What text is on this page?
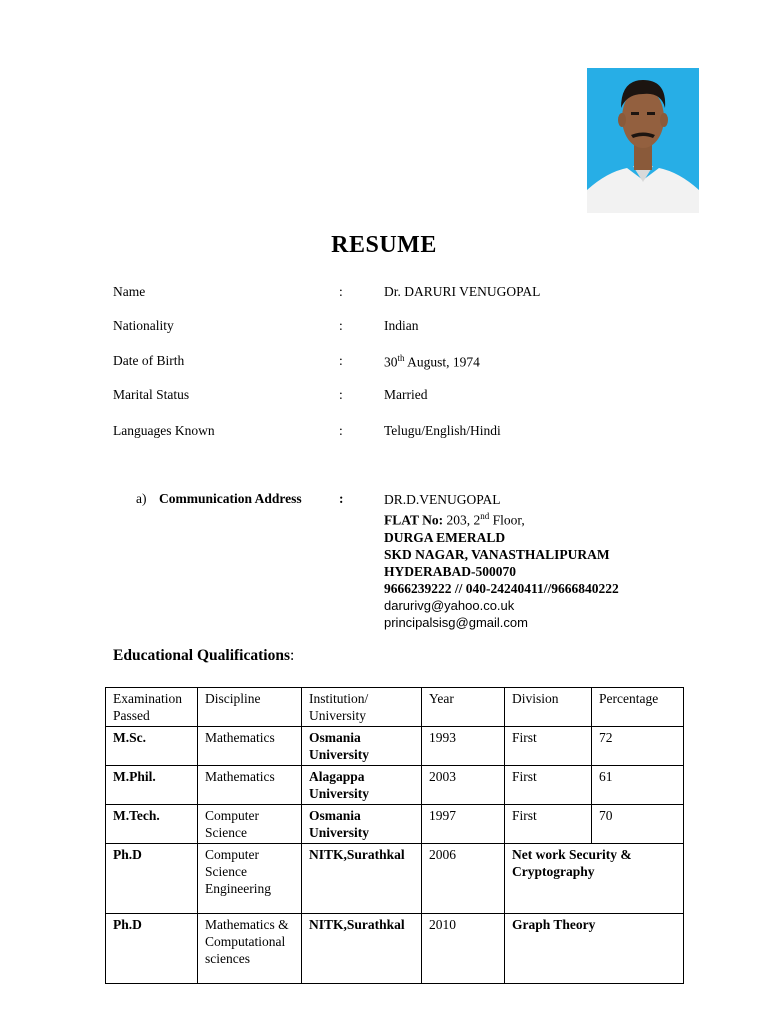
RESUME
Name	:	Dr. DARURI VENUGOPAL
Nationality	:	Indian
Date of Birth	:	30th August, 1974
Marital Status	:	Married
Languages Known	:	Telugu/English/Hindi
a) Communication Address	:	DR.D.VENUGOPAL
FLAT No: 203, 2nd Floor,
DURGA EMERALD
SKD NAGAR, VANASTHALIPURAM
HYDERABAD-500070
9666239222 // 040-24240411//9666840222
darurivg@yahoo.co.uk
principalsisg@gmail.com
Educational Qualifications:
Examination Passed	Discipline	Institution/ University	Year	Division	Percentage
M.Sc.	Mathematics	Osmania University	1993	First	72
M.Phil.	Mathematics	Alagappa University	2003	First	61
M.Tech.	Computer Science	Osmania University	1997	First	70
Ph.D	Computer Science Engineering	NITK,Surathkal	2006	Net work Security & Cryptography	
Ph.D	Mathematics & Computational sciences	NITK,Surathkal	2010	Graph Theory	
